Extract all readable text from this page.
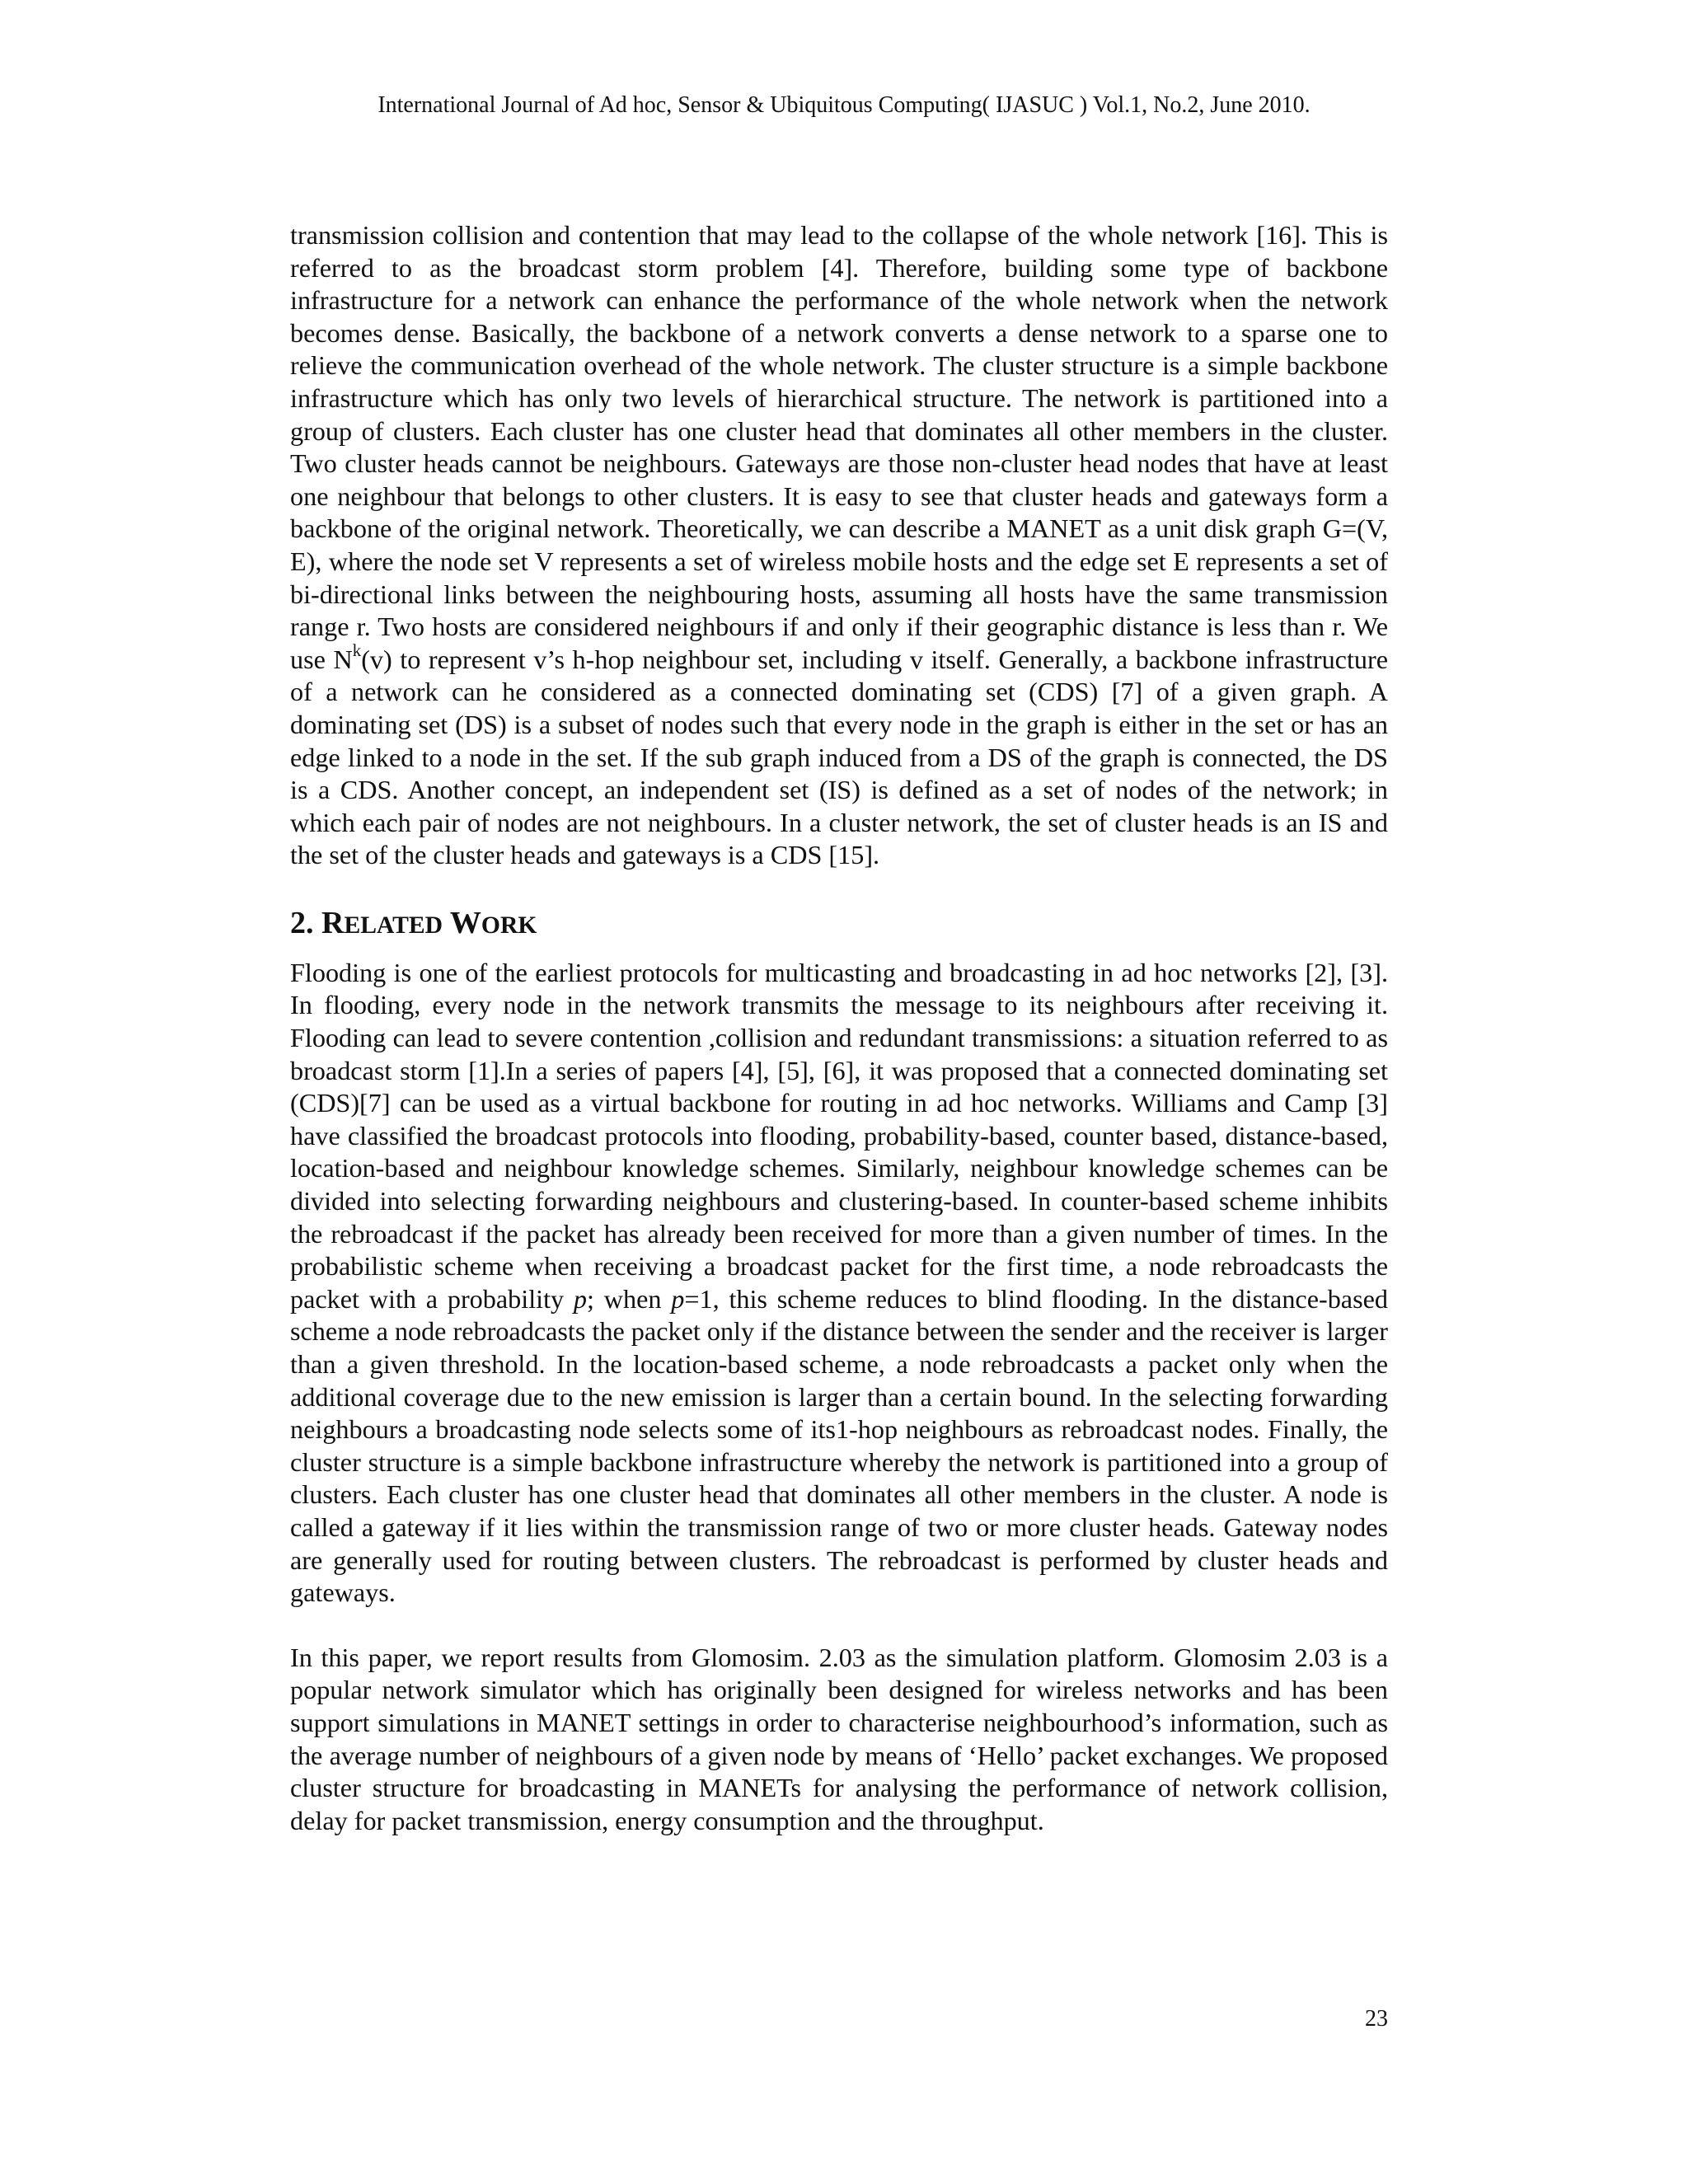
International Journal of Ad hoc, Sensor & Ubiquitous Computing( IJASUC ) Vol.1, No.2, June 2010.

transmission collision and contention that may lead to the collapse of the whole network [16]. This is referred to as the broadcast storm problem [4]. Therefore, building some type of backbone infrastructure for a network can enhance the performance of the whole network when the network becomes dense. Basically, the backbone of a network converts a dense network to a sparse one to relieve the communication overhead of the whole network. The cluster structure is a simple backbone infrastructure which has only two levels of hierarchical structure. The network is partitioned into a group of clusters. Each cluster has one cluster head that dominates all other members in the cluster. Two cluster heads cannot be neighbours. Gateways are those non-cluster head nodes that have at least one neighbour that belongs to other clusters. It is easy to see that cluster heads and gateways form a backbone of the original network. Theoretically, we can describe a MANET as a unit disk graph G=(V, E), where the node set V represents a set of wireless mobile hosts and the edge set E represents a set of bi-directional links between the neighbouring hosts, assuming all hosts have the same transmission range r. Two hosts are considered neighbours if and only if their geographic distance is less than r. We use $N^k(v)$ to represent v’s h-hop neighbour set, including v itself. Generally, a backbone infrastructure of a network can he considered as a connected dominating set (CDS) [7] of a given graph. A dominating set (DS) is a subset of nodes such that every node in the graph is either in the set or has an edge linked to a node in the set. If the sub graph induced from a DS of the graph is connected, the DS is a CDS. Another concept, an independent set (IS) is defined as a set of nodes of the network; in which each pair of nodes are not neighbours. In a cluster network, the set of cluster heads is an IS and the set of the cluster heads and gateways is a CDS [15].

2. RELATED WORK

Flooding is one of the earliest protocols for multicasting and broadcasting in ad hoc networks [2], [3]. In flooding, every node in the network transmits the message to its neighbours after receiving it. Flooding can lead to severe contention ,collision and redundant transmissions: a situation referred to as broadcast storm [1].In a series of papers [4], [5], [6], it was proposed that a connected dominating set (CDS)[7] can be used as a virtual backbone for routing in ad hoc networks. Williams and Camp [3] have classified the broadcast protocols into flooding, probability-based, counter based, distance-based, location-based and neighbour knowledge schemes. Similarly, neighbour knowledge schemes can be divided into selecting forwarding neighbours and clustering-based. In counter-based scheme inhibits the rebroadcast if the packet has already been received for more than a given number of times. In the probabilistic scheme when receiving a broadcast packet for the first time, a node rebroadcasts the packet with a probability p; when p=1, this scheme reduces to blind flooding. In the distance-based scheme a node rebroadcasts the packet only if the distance between the sender and the receiver is larger than a given threshold. In the location-based scheme, a node rebroadcasts a packet only when the additional coverage due to the new emission is larger than a certain bound. In the selecting forwarding neighbours a broadcasting node selects some of its1-hop neighbours as rebroadcast nodes. Finally, the cluster structure is a simple backbone infrastructure whereby the network is partitioned into a group of clusters. Each cluster has one cluster head that dominates all other members in the cluster. A node is called a gateway if it lies within the transmission range of two or more cluster heads. Gateway nodes are generally used for routing between clusters. The rebroadcast is performed by cluster heads and gateways.

In this paper, we report results from Glomosim. 2.03 as the simulation platform. Glomosim 2.03 is a popular network simulator which has originally been designed for wireless networks and has been support simulations in MANET settings in order to characterise neighbourhood’s information, such as the average number of neighbours of a given node by means of ‘Hello’ packet exchanges. We proposed cluster structure for broadcasting in MANETs for analysing the performance of network collision, delay for packet transmission, energy consumption and the throughput.

23
